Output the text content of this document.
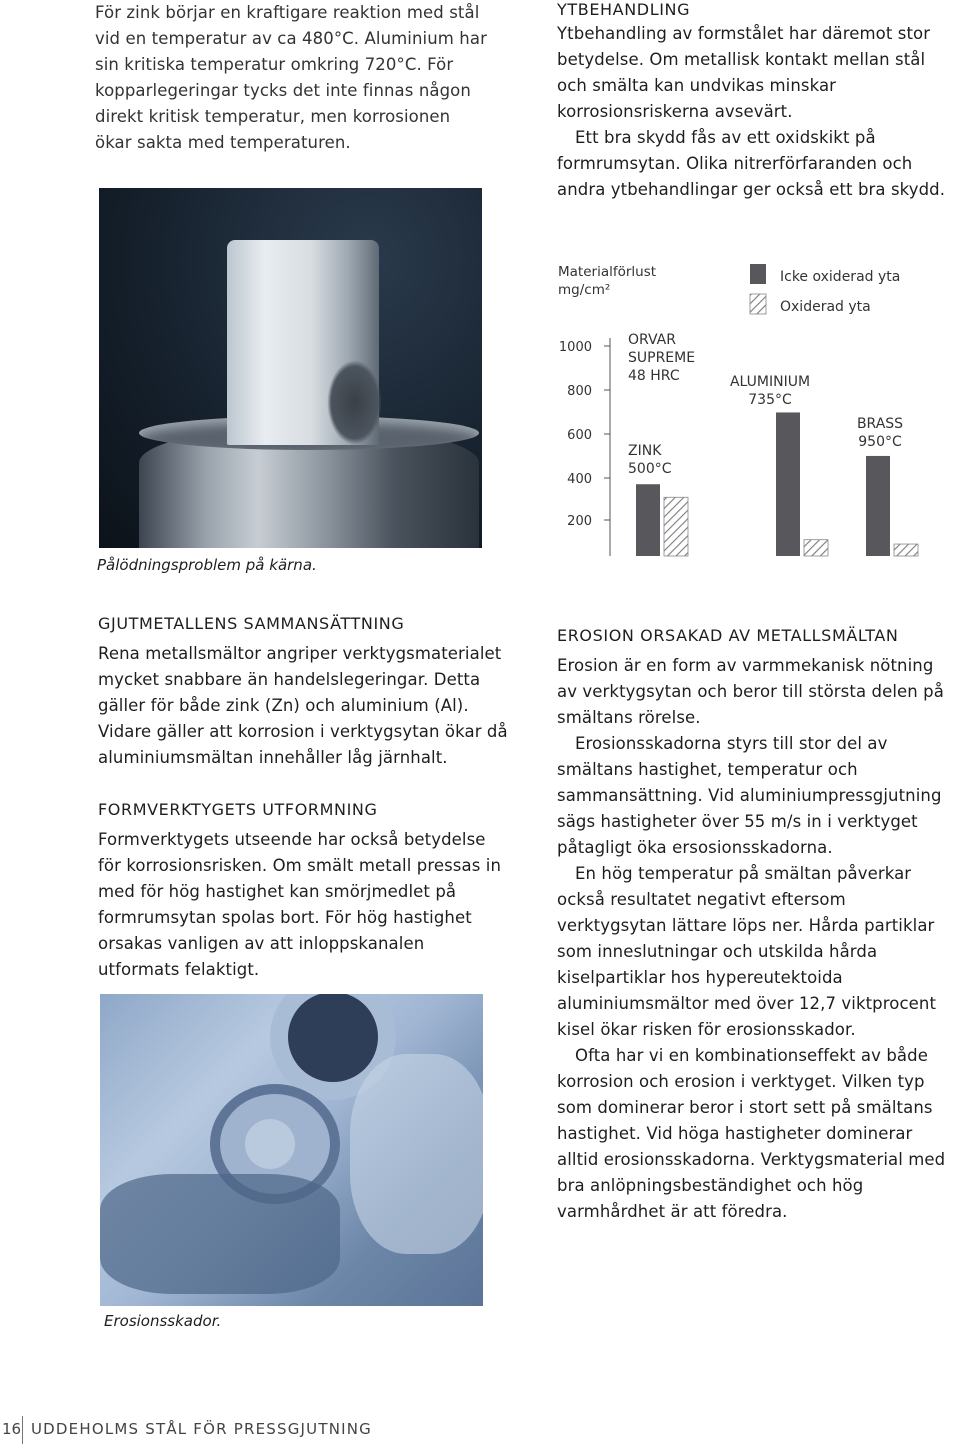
För zink börjar en kraftigare reaktion med stål vid en temperatur av ca 480°C. Aluminium har sin kritiska temperatur omkring 720°C. För kopparlegeringar tycks det inte finnas någon direkt kritisk temperatur, men korrosionen ökar sakta med temperaturen.

Pålödningsproblem på kärna.
GJUTMETALLENS SAMMANSÄTTNING

Rena metallsmältor angriper verktygsmaterialet mycket snabbare än handelslegeringar. Detta gäller för både zink (Zn) och aluminium (Al). Vidare gäller att korrosion i verktygsytan ökar då aluminiumsmältan innehåller låg järnhalt.

FORMVERKTYGETS UTFORMNING

Formverktygets utseende har också betydelse för korrosionsrisken. Om smält metall pressas in med för hög hastighet kan smörjmedlet på formrumsytan spolas bort. För hög hastighet orsakas vanligen av att inloppskanalen utformats felaktigt.

Erosionsskador.
YTBEHANDLING

Ytbehandling av formstålet har däremot stor betydelse. Om metallisk kontakt mellan stål och smälta kan undvikas minskar korrosionsriskerna avsevärt.

Ett bra skydd fås av ett oxidskikt på formrumsytan. Olika nitrerförfaranden och andra ytbehandlingar ger också ett bra skydd.

Materialförlust
mg/cm²
1000
800
600
400
200
Icke oxiderad yta
Oxiderad yta
ORVAR
SUPREME
48 HRC
ZINK
500°C
ALUMINIUM
735°C
BRASS
950°C
EROSION ORSAKAD AV METALLSMÄLTAN

Erosion är en form av varmmekanisk nötning av verktygsytan och beror till största delen på smältans rörelse.

Erosionsskadorna styrs till stor del av smältans hastighet, temperatur och sammansättning. Vid aluminiumpressgjutning sägs hastigheter över 55 m/s in i verktyget påtagligt öka ersosionsskadorna.

En hög temperatur på smältan påverkar också resultatet negativt eftersom verktygsytan lättare löps ner. Hårda partiklar som inneslutningar och utskilda hårda kiselpartiklar hos hypereutektoida aluminiumsmältor med över 12,7 viktprocent kisel ökar risken för erosionsskador.

Ofta har vi en kombinationseffekt av både korrosion och erosion i verktyget. Vilken typ som dominerar beror i stort sett på smältans hastighet. Vid höga hastigheter dominerar alltid erosionsskadorna. Verktygsmaterial med bra anlöpningsbeständighet och hög varmhårdhet är att föredra.

16 UDDEHOLMS STÅL FÖR PRESSGJUTNING
